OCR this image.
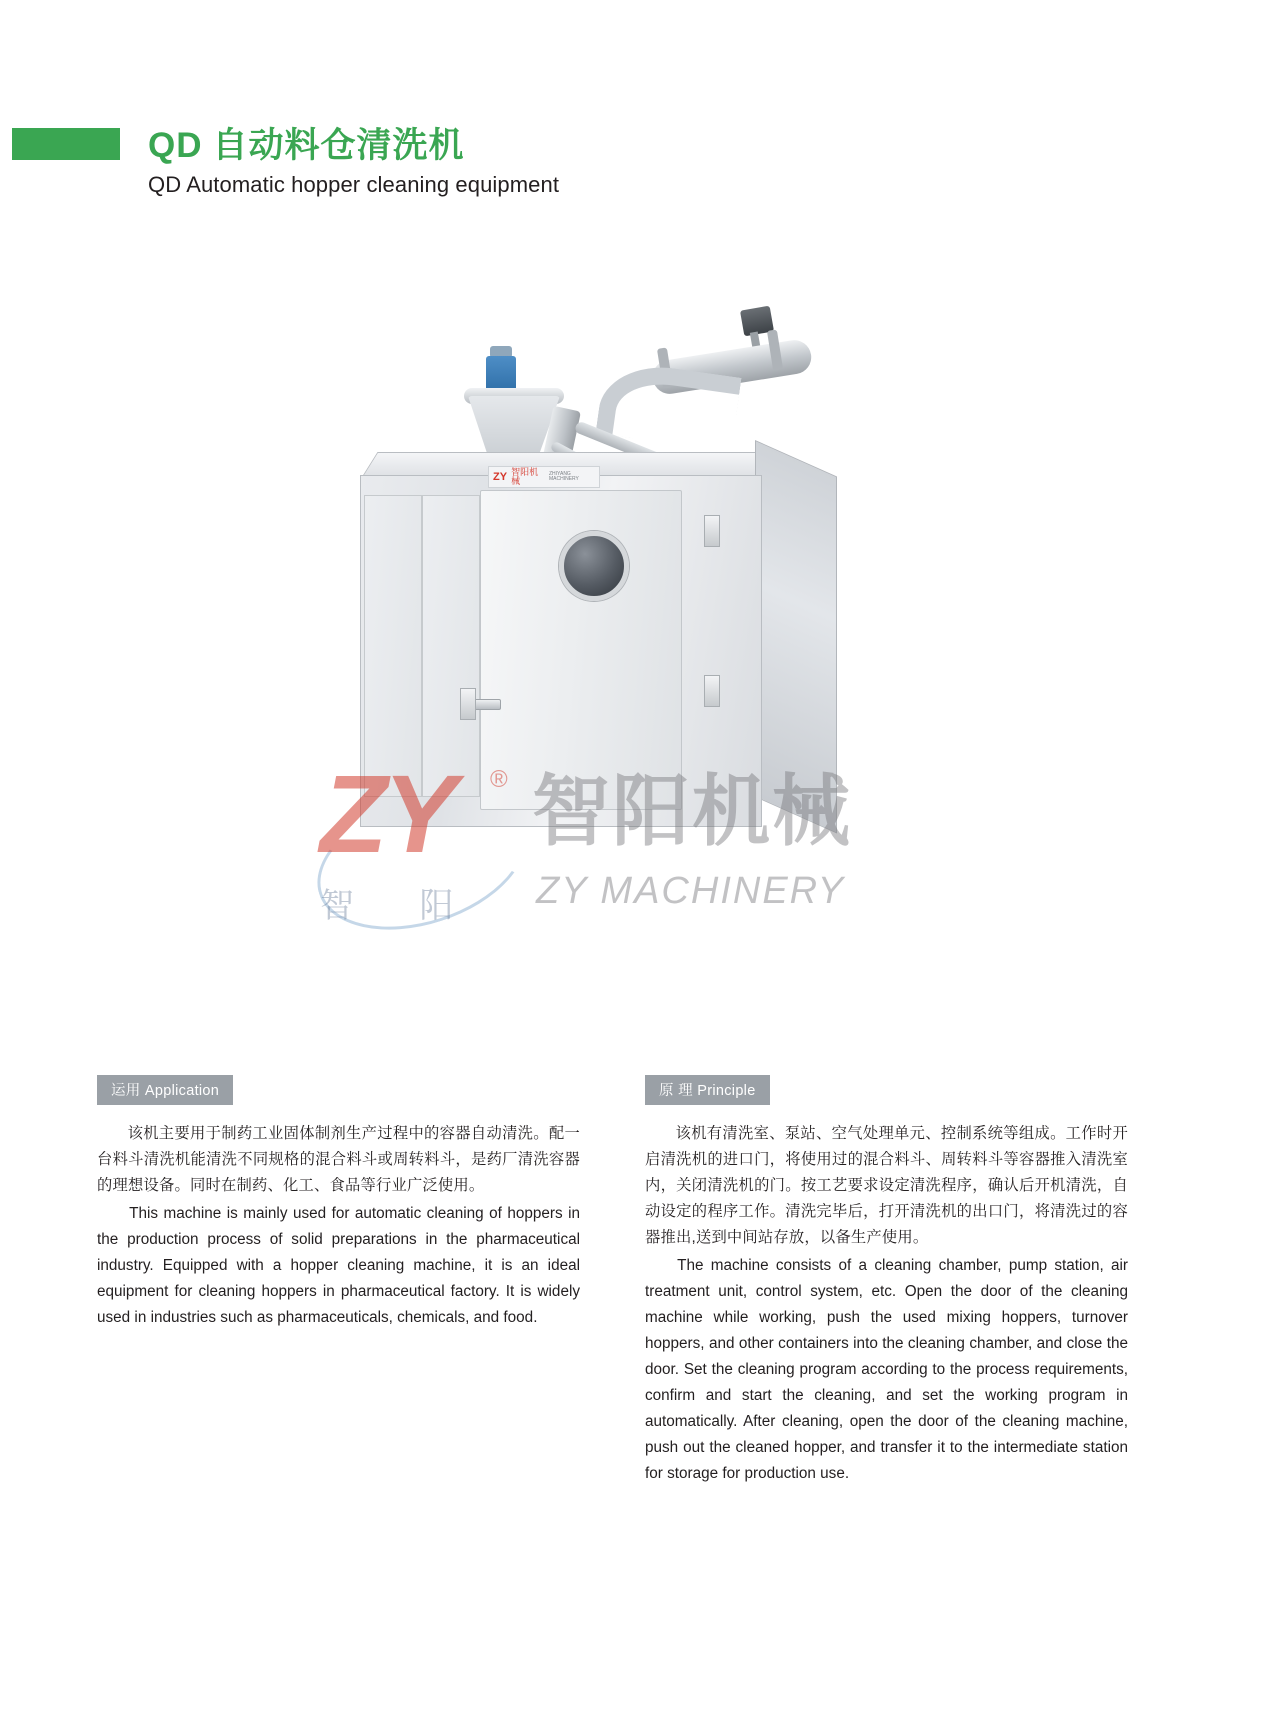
QD 自动料仓清洗机
QD Automatic hopper cleaning equipment
ZY 智阳机械
ZHIYANG MACHINERY
ZY ® 智阳机械
ZY MACHINERY
智 阳
运用 Application

该机主要用于制药工业固体制剂生产过程中的容器自动清洗。配一台料斗清洗机能清洗不同规格的混合料斗或周转料斗，是药厂清洗容器的理想设备。同时在制药、化工、食品等行业广泛使用。

This machine is mainly used for automatic cleaning of hoppers in the production process of solid preparations in the pharmaceutical industry. Equipped with a hopper cleaning machine, it is an ideal equipment for cleaning hoppers in pharmaceutical factory. It is widely used in industries such as pharmaceuticals, chemicals, and food.

原 理 Principle

该机有清洗室、泵站、空气处理单元、控制系统等组成。工作时开启清洗机的进口门，将使用过的混合料斗、周转料斗等容器推入清洗室内，关闭清洗机的门。按工艺要求设定清洗程序，确认后开机清洗，自动设定的程序工作。清洗完毕后，打开清洗机的出口门，将清洗过的容器推出,送到中间站存放，以备生产使用。

The machine consists of a cleaning chamber, pump station, air treatment unit, control system, etc. Open the door of the cleaning machine while working, push the used mixing hoppers, turnover hoppers, and other containers into the cleaning chamber, and close the door. Set the cleaning program according to the process requirements, confirm and start the cleaning, and set the working program in automatically. After cleaning, open the door of the cleaning machine, push out the cleaned hopper, and transfer it to the intermediate station for storage for production use.
